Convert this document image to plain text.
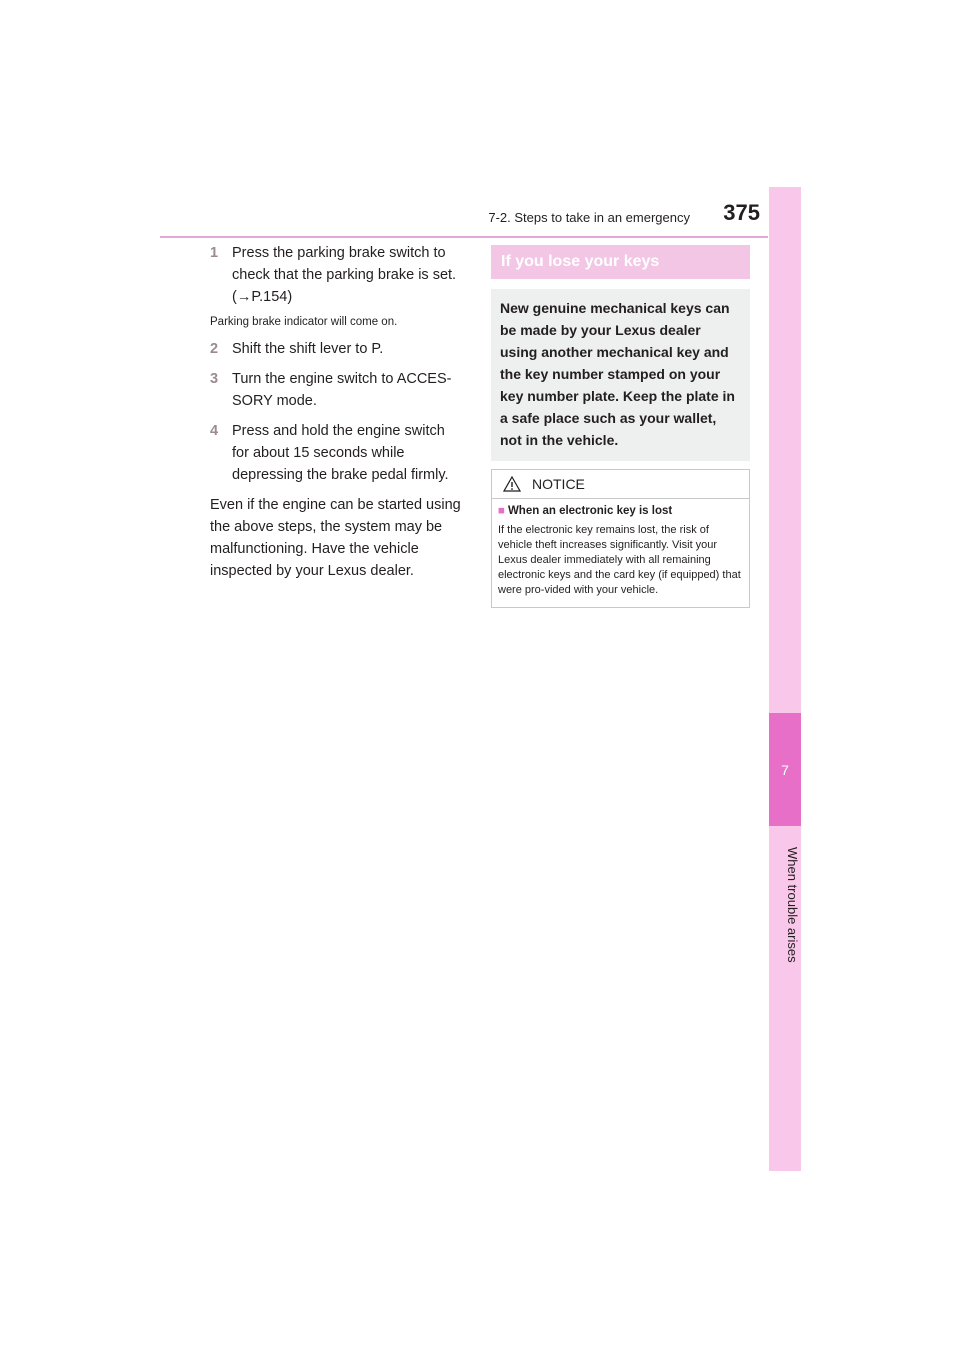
7-2. Steps to take in an emergency 375
7
When trouble arises
1 Press the parking brake switch to check that the parking brake is set. (→P.154)
Parking brake indicator will come on.
2 Shift the shift lever to P.
3 Turn the engine switch to ACCES-SORY mode.
4 Press and hold the engine switch for about 15 seconds while depressing the brake pedal firmly.
Even if the engine can be started using the above steps, the system may be malfunctioning. Have the vehicle inspected by your Lexus dealer.
If you lose your keys
New genuine mechanical keys can be made by your Lexus dealer using another mechanical key and the key number stamped on your key number plate. Keep the plate in a safe place such as your wallet, not in the vehicle.
NOTICE
■ When an electronic key is lost
If the electronic key remains lost, the risk of vehicle theft increases significantly. Visit your Lexus dealer immediately with all remaining electronic keys and the card key (if equipped) that were pro-vided with your vehicle.
